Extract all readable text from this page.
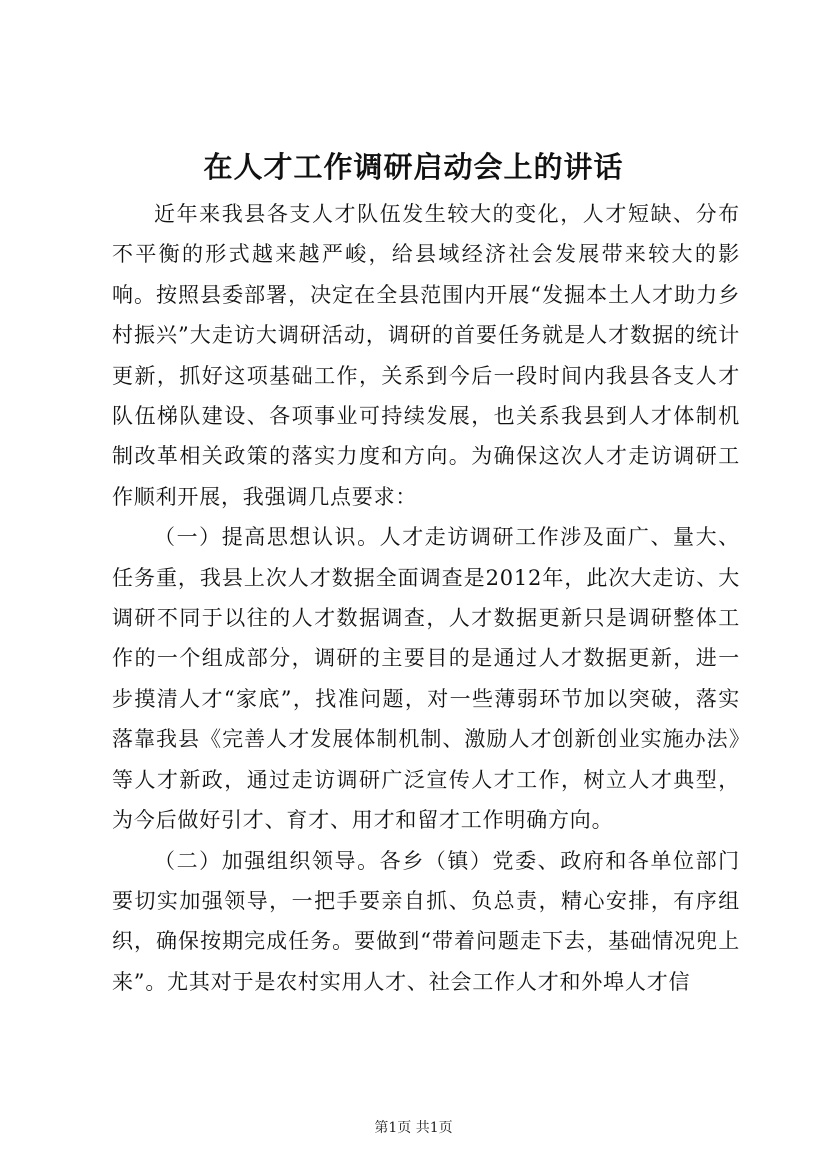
在人才工作调研启动会上的讲话

近年来我县各支人才队伍发生较大的变化，人才短缺、分布不平衡的形式越来越严峻，给县域经济社会发展带来较大的影响。按照县委部署，决定在全县范围内开展“发掘本土人才助力乡村振兴”大走访大调研活动，调研的首要任务就是人才数据的统计更新，抓好这项基础工作，关系到今后一段时间内我县各支人才队伍梯队建设、各项事业可持续发展，也关系我县到人才体制机制改革相关政策的落实力度和方向。为确保这次人才走访调研工作顺利开展，我强调几点要求：

（一）提高思想认识。人才走访调研工作涉及面广、量大、任务重，我县上次人才数据全面调查是2012年，此次大走访、大调研不同于以往的人才数据调查，人才数据更新只是调研整体工作的一个组成部分，调研的主要目的是通过人才数据更新，进一步摸清人才“家底”，找准问题，对一些薄弱环节加以突破，落实落靠我县《完善人才发展体制机制、激励人才创新创业实施办法》等人才新政，通过走访调研广泛宣传人才工作，树立人才典型，为今后做好引才、育才、用才和留才工作明确方向。

（二）加强组织领导。各乡（镇）党委、政府和各单位部门要切实加强领导，一把手要亲自抓、负总责，精心安排，有序组织，确保按期完成任务。要做到“带着问题走下去，基础情况兜上来”。尤其对于是农村实用人才、社会工作人才和外埠人才信

第1页 共1页
